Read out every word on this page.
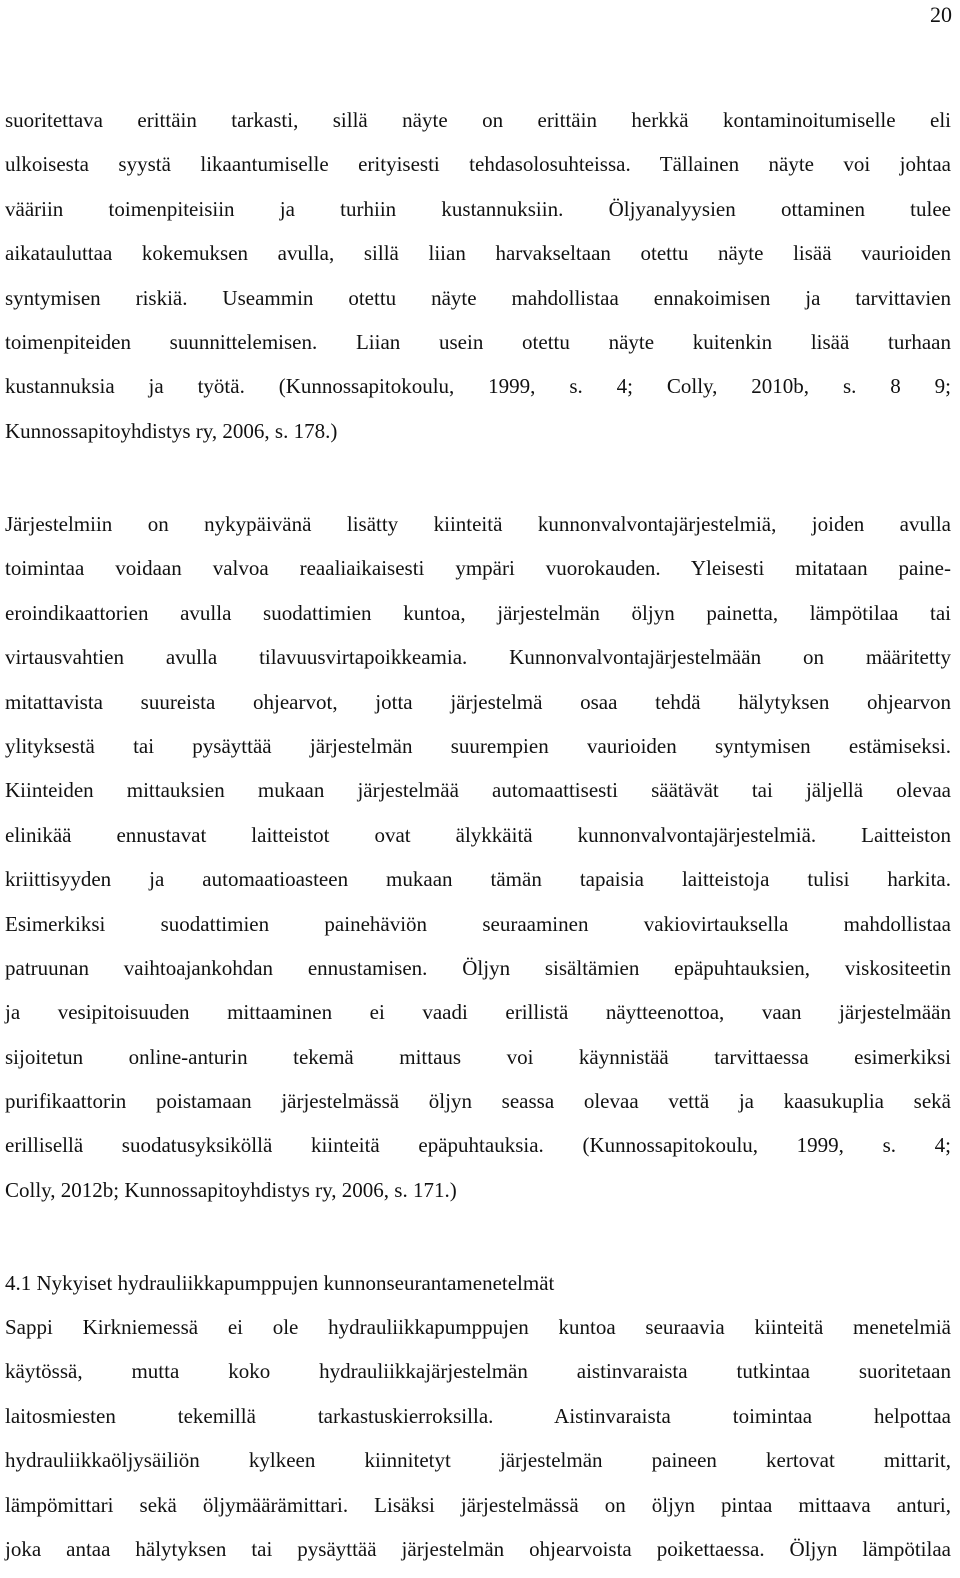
20
suoritettava erittäin tarkasti, sillä näyte on erittäin herkkä kontaminoitumiselle eli
ulkoisesta syystä likaantumiselle erityisesti tehdasolosuhteissa. Tällainen näyte voi johtaa
vääriin toimenpiteisiin ja turhiin kustannuksiin. Öljyanalyysien ottaminen tulee
aikatauluttaa kokemuksen avulla, sillä liian harvakseltaan otettu näyte lisää vaurioiden
syntymisen riskiä. Useammin otettu näyte mahdollistaa ennakoimisen ja tarvittavien
toimenpiteiden suunnittelemisen. Liian usein otettu näyte kuitenkin lisää turhaan
kustannuksia ja työtä. (Kunnossapitokoulu, 1999, s. 4; Colly, 2010b, s. 8 9;
Kunnossapitoyhdistys ry, 2006, s. 178.)
Järjestelmiin on nykypäivänä lisätty kiinteitä kunnonvalvontajärjestelmiä, joiden avulla
toimintaa voidaan valvoa reaaliaikaisesti ympäri vuorokauden. Yleisesti mitataan paine-
eroindikaattorien avulla suodattimien kuntoa, järjestelmän öljyn painetta, lämpötilaa tai
virtausvahtien avulla tilavuusvirtapoikkeamia. Kunnonvalvontajärjestelmään on määritetty
mitattavista suureista ohjearvot, jotta järjestelmä osaa tehdä hälytyksen ohjearvon
ylityksestä tai pysäyttää järjestelmän suurempien vaurioiden syntymisen estämiseksi.
Kiinteiden mittauksien mukaan järjestelmää automaattisesti säätävät tai jäljellä olevaa
elinikää ennustavat laitteistot ovat älykkäitä kunnonvalvontajärjestelmiä. Laitteiston
kriittisyyden ja automaatioasteen mukaan tämän tapaisia laitteistoja tulisi harkita.
Esimerkiksi suodattimien painehäviön seuraaminen vakiovirtauksella mahdollistaa
patruunan vaihtoajankohdan ennustamisen. Öljyn sisältämien epäpuhtauksien, viskositeetin
ja vesipitoisuuden mittaaminen ei vaadi erillistä näytteenottoa, vaan järjestelmään
sijoitetun online-anturin tekemä mittaus voi käynnistää tarvittaessa esimerkiksi
purifikaattorin poistamaan järjestelmässä öljyn seassa olevaa vettä ja kaasukuplia sekä
erillisellä suodatusyksiköllä kiinteitä epäpuhtauksia. (Kunnossapitokoulu, 1999, s. 4;
Colly, 2012b; Kunnossapitoyhdistys ry, 2006, s. 171.)
4.1 Nykyiset hydrauliikkapumppujen kunnonseurantamenetelmät
Sappi Kirkniemessä ei ole hydrauliikkapumppujen kuntoa seuraavia kiinteitä menetelmiä
käytössä, mutta koko hydrauliikkajärjestelmän aistinvaraista tutkintaa suoritetaan
laitosmiesten tekemillä tarkastuskierroksilla. Aistinvaraista toimintaa helpottaa
hydrauliikkaöljysäiliön kylkeen kiinnitetyt järjestelmän paineen kertovat mittarit,
lämpömittari sekä öljymäärämittari. Lisäksi järjestelmässä on öljyn pintaa mittaava anturi,
joka antaa hälytyksen tai pysäyttää järjestelmän ohjearvoista poikettaessa. Öljyn lämpötilaa
